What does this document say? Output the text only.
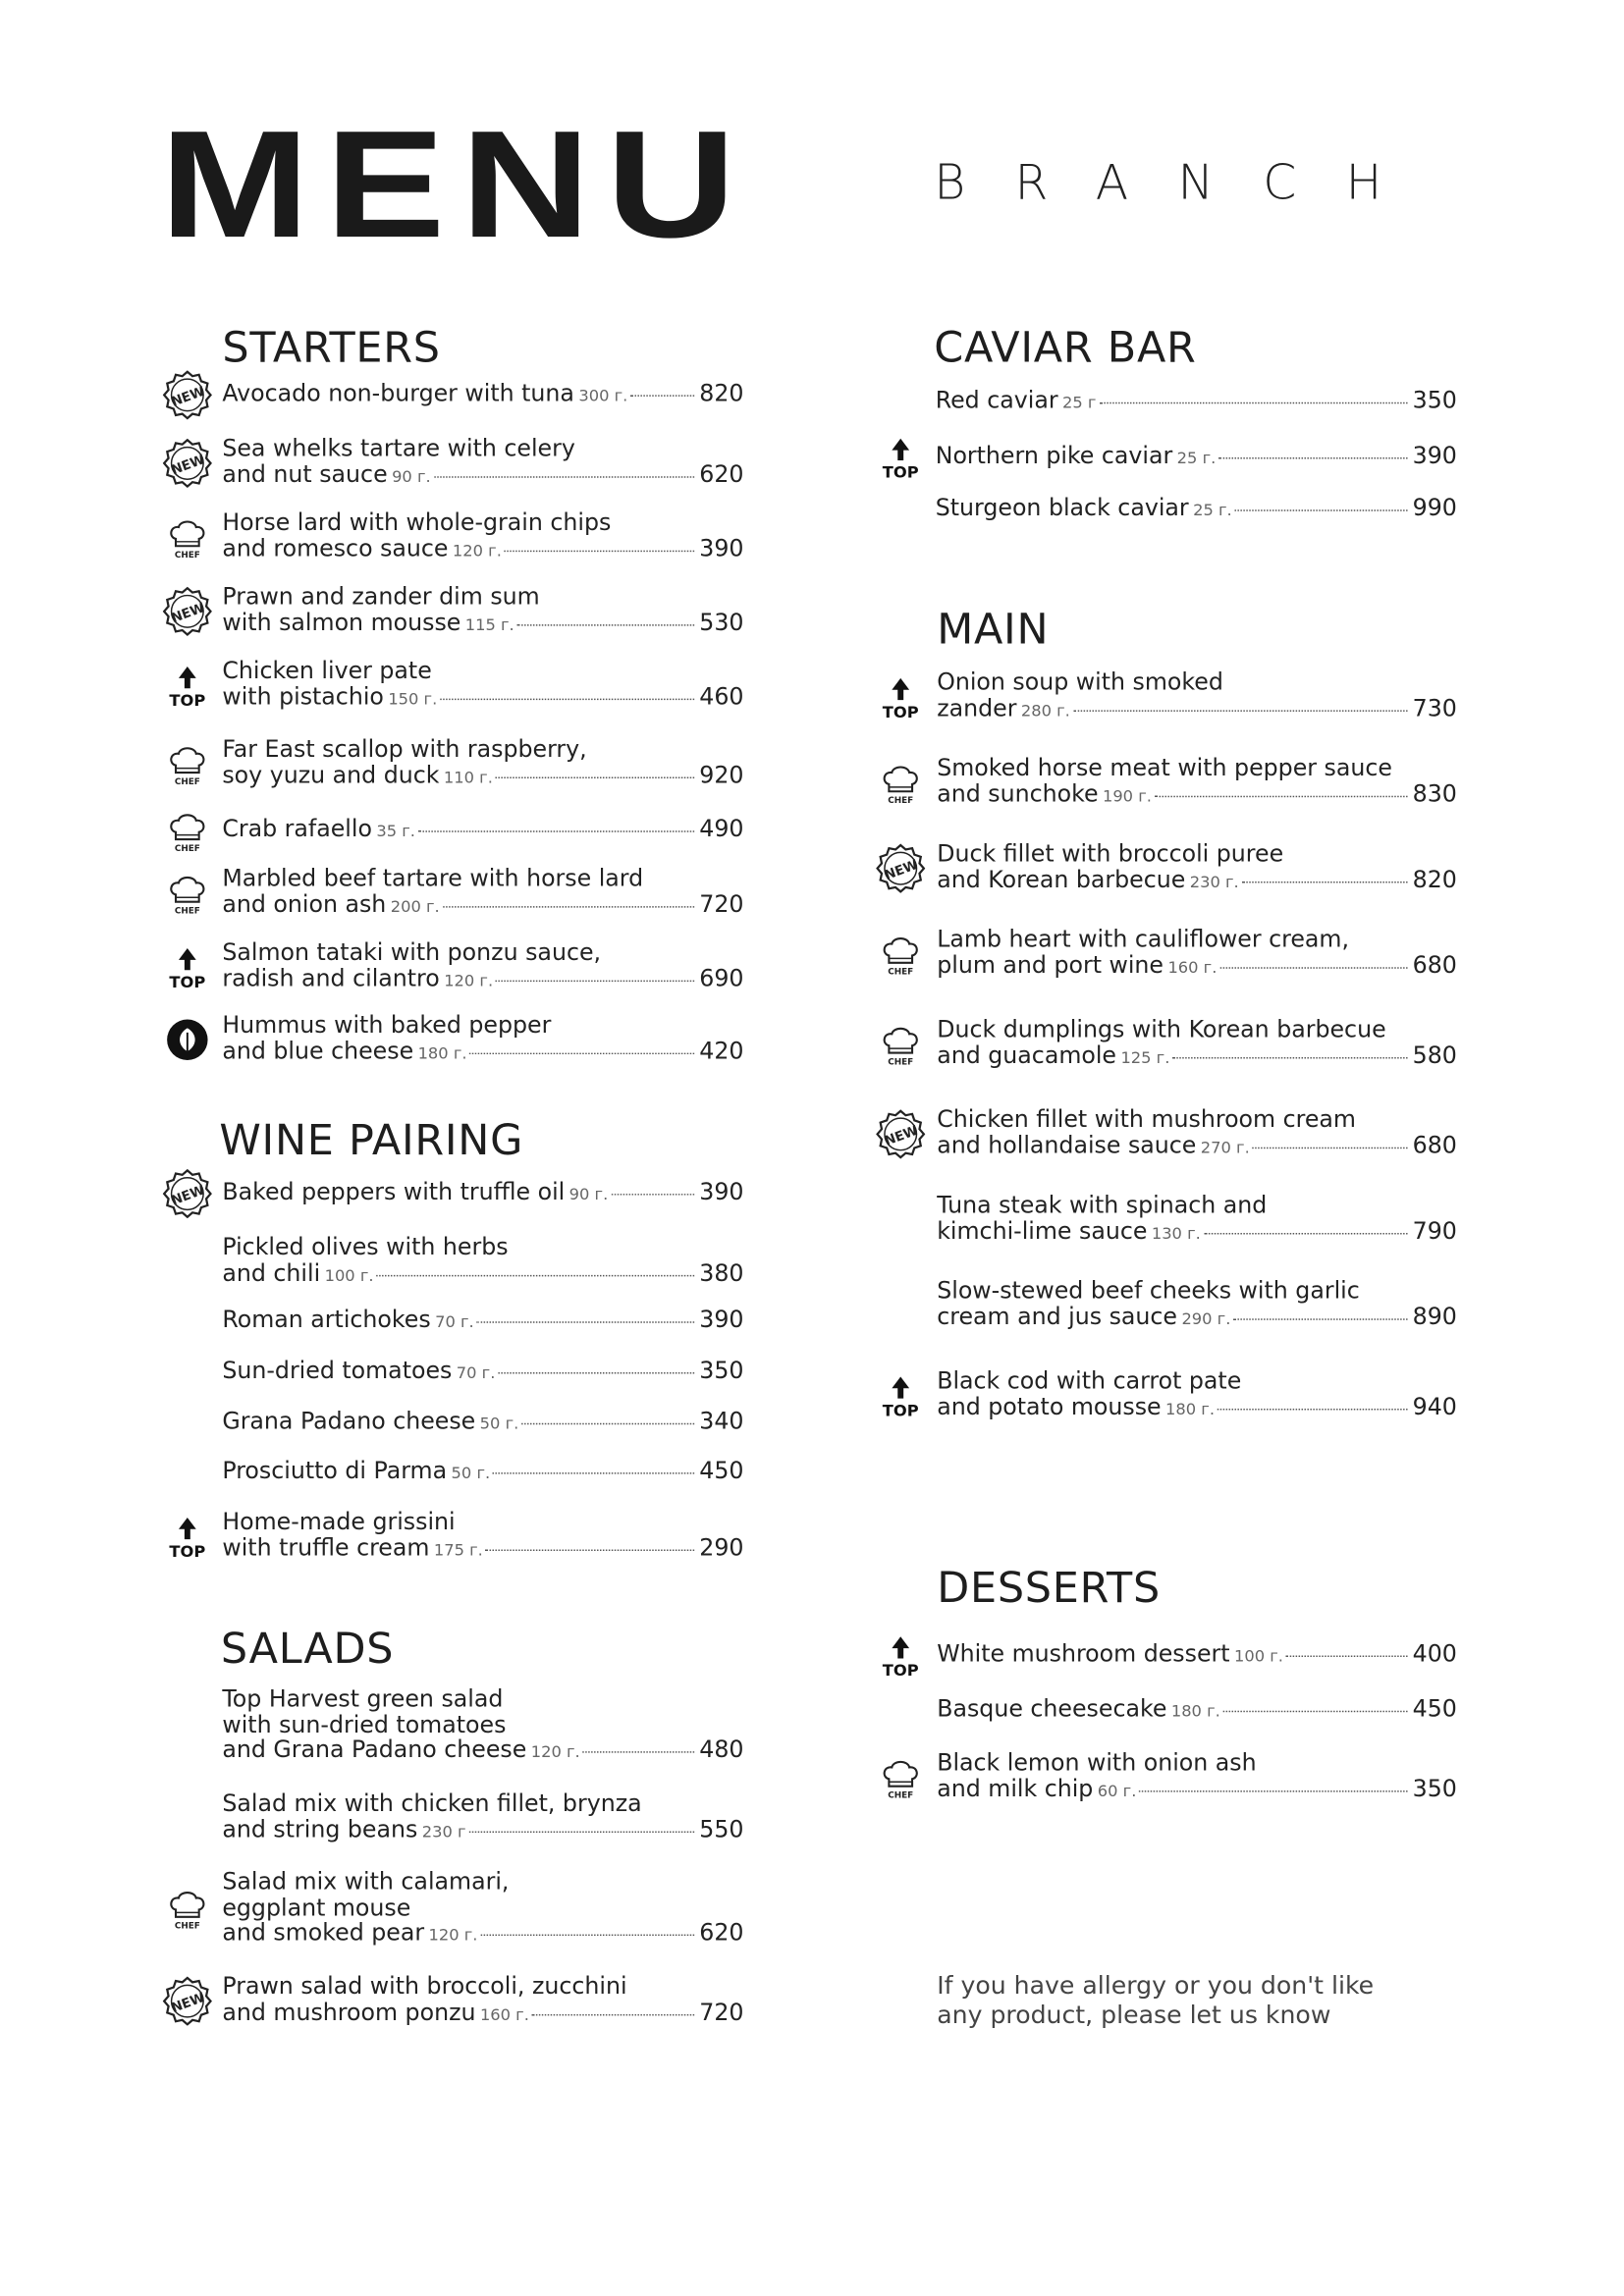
MENU	BRANCH
STARTERS
WINE PAIRING
SALADS
CAVIAR BAR
MAIN
DESSERTS
Avocado non-burger with tuna 300 г.	820
NEW
Sea whelks tartare with celery
and nut sauce 90 г.	620
NEW
Horse lard with whole-grain chips
and romesco sauce 120 г.	390
CHEF
Prawn and zander dim sum
with salmon mousse 115 г.	530
NEW
Chicken liver pate
with pistachio 150 г.	460
TOP
Far East scallop with raspberry,
soy yuzu and duck 110 г.	920
CHEF
Crab rafaello 35 г.	490
CHEF
Marbled beef tartare with horse lard
and onion ash 200 г.	720
CHEF
Salmon tataki with ponzu sauce,
radish and cilantro 120 г.	690
TOP
Hummus with baked pepper
and blue cheese 180 г.	420
Baked peppers with truffle oil 90 г.	390
NEW
Pickled olives with herbs
and chili 100 г.	380
Roman artichokes 70 г.	390
Sun-dried tomatoes 70 г.	350
Grana Padano cheese 50 г.	340
Prosciutto di Parma 50 г.	450
Home-made grissini
with truffle cream 175 г.	290
TOP
Top Harvest green salad
with sun-dried tomatoes
and Grana Padano cheese 120 г.	480
Salad mix with chicken fillet, brynza
and string beans 230 г	550
Salad mix with calamari,
eggplant mouse
and smoked pear 120 г.	620
CHEF
Prawn salad with broccoli, zucchini
and mushroom ponzu 160 г.	720
NEW
Red caviar 25 г	350
Northern pike caviar 25 г.	390
TOP
Sturgeon black caviar 25 г.	990
Onion soup with smoked
zander 280 г.	730
TOP
Smoked horse meat with pepper sauce
and sunchoke 190 г.	830
CHEF
Duck fillet with broccoli puree
and Korean barbecue 230 г.	820
NEW
Lamb heart with cauliflower cream,
plum and port wine 160 г.	680
CHEF
Duck dumplings with Korean barbecue
and guacamole 125 г.	580
CHEF
Chicken fillet with mushroom cream
and hollandaise sauce 270 г.	680
NEW
Tuna steak with spinach and
kimchi-lime sauce 130 г.	790
Slow-stewed beef cheeks with garlic
cream and jus sauce 290 г.	890
Black cod with carrot pate
and potato mousse 180 г.	940
TOP
White mushroom dessert 100 г.	400
TOP
Basque cheesecake 180 г.	450
Black lemon with onion ash
and milk chip 60 г.	350
CHEF
If you have allergy or you don't like
any product, please let us know
